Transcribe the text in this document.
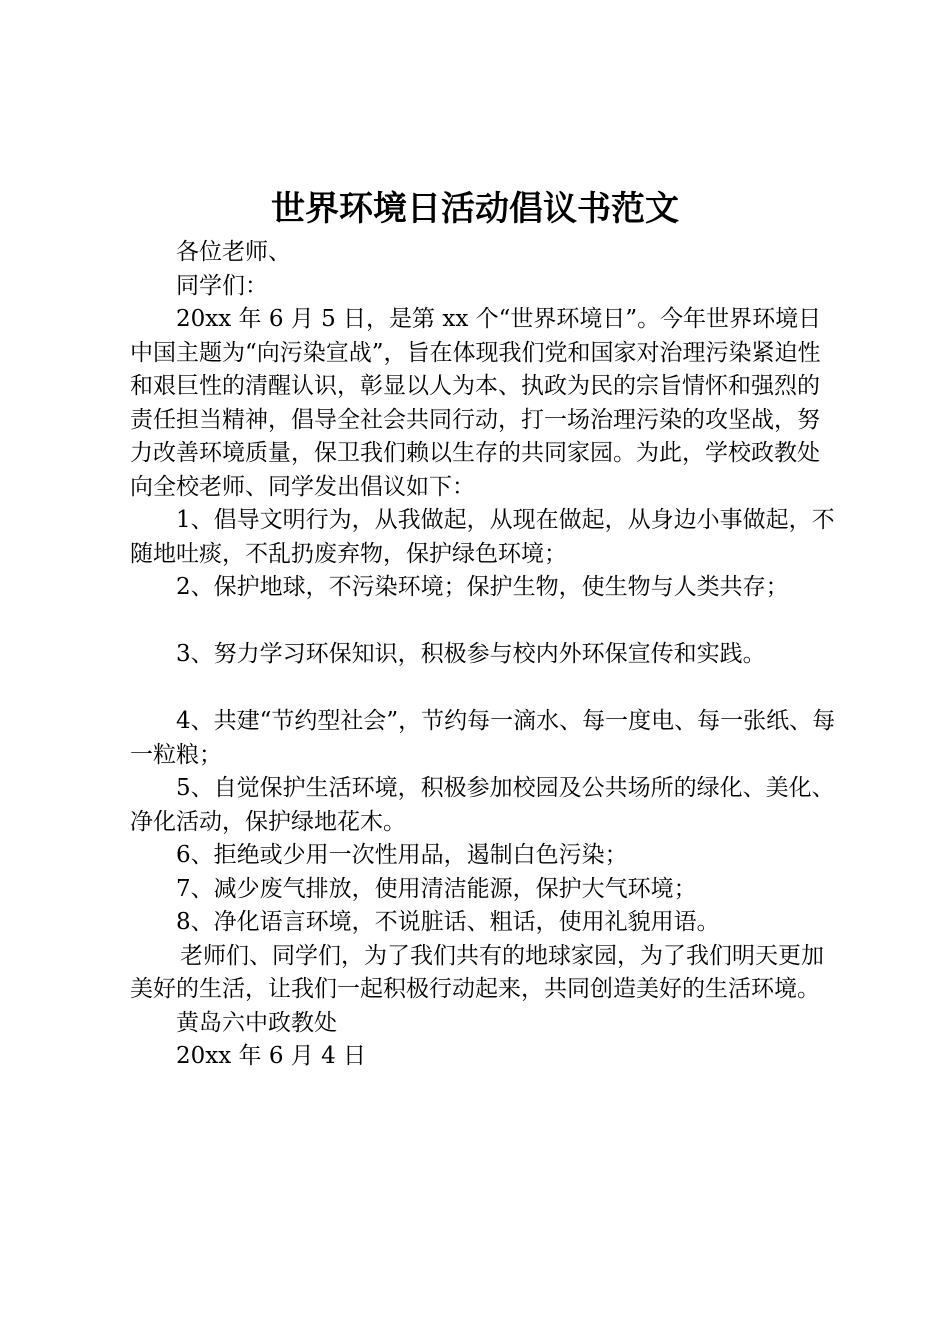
世界环境日活动倡议书范文

各位老师、

同学们：

20xx 年 6 月 5 日，是第 xx 个“世界环境日”。今年世界环境日中国主题为“向污染宣战”，旨在体现我们党和国家对治理污染紧迫性和艰巨性的清醒认识，彰显以人为本、执政为民的宗旨情怀和强烈的责任担当精神，倡导全社会共同行动，打一场治理污染的攻坚战，努力改善环境质量，保卫我们赖以生存的共同家园。为此，学校政教处向全校老师、同学发出倡议如下：

1、倡导文明行为，从我做起，从现在做起，从身边小事做起，不随地吐痰，不乱扔废弃物，保护绿色环境；

2、保护地球，不污染环境；保护生物，使生物与人类共存；

3、努力学习环保知识，积极参与校内外环保宣传和实践。

4、共建“节约型社会”，节约每一滴水、每一度电、每一张纸、每一粒粮；

5、自觉保护生活环境，积极参加校园及公共场所的绿化、美化、净化活动，保护绿地花木。

6、拒绝或少用一次性用品，遏制白色污染；

7、减少废气排放，使用清洁能源，保护大气环境；

8、净化语言环境，不说脏话、粗话，使用礼貌用语。

老师们、同学们，为了我们共有的地球家园，为了我们明天更加美好的生活，让我们一起积极行动起来，共同创造美好的生活环境。

黄岛六中政教处

20xx 年 6 月 4 日
